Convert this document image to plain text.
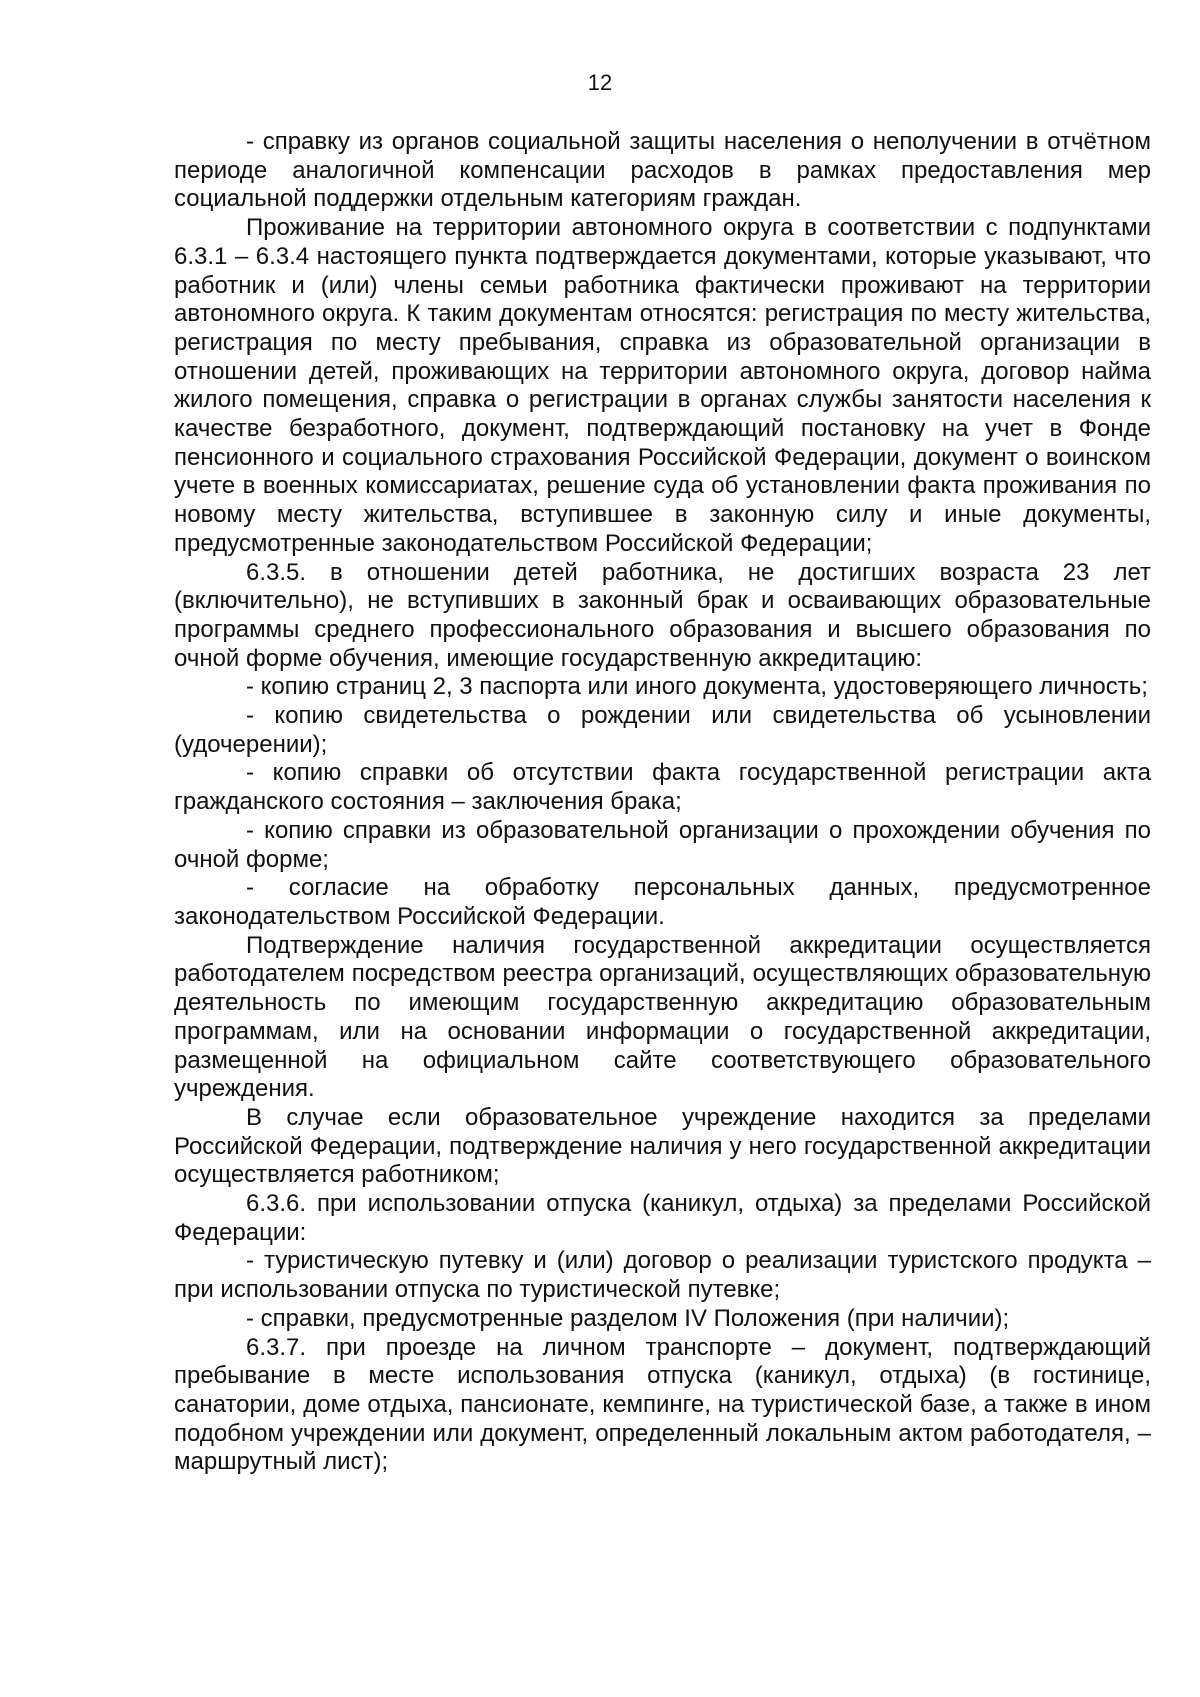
12

- справку из органов социальной защиты населения о неполучении в отчётном периоде аналогичной компенсации расходов в рамках предоставления мер социальной поддержки отдельным категориям граждан.

Проживание на территории автономного округа в соответствии с подпунктами 6.3.1 – 6.3.4 настоящего пункта подтверждается документами, которые указывают, что работник и (или) члены семьи работника фактически проживают на территории автономного округа. К таким документам относятся: регистрация по месту жительства, регистрация по месту пребывания, справка из образовательной организации в отношении детей, проживающих на территории автономного округа, договор найма жилого помещения, справка о регистрации в органах службы занятости населения к качестве безработного, документ, подтверждающий постановку на учет в Фонде пенсионного и социального страхования Российской Федерации, документ о воинском учете в военных комиссариатах, решение суда об установлении факта проживания по новому месту жительства, вступившее в законную силу и иные документы, предусмотренные законодательством Российской Федерации;

6.3.5. в отношении детей работника, не достигших возраста 23 лет (включительно), не вступивших в законный брак и осваивающих образовательные программы среднего профессионального образования и высшего образования по очной форме обучения, имеющие государственную аккредитацию:

- копию страниц 2, 3 паспорта или иного документа, удостоверяющего личность;

- копию свидетельства о рождении или свидетельства об усыновлении (удочерении);

- копию справки об отсутствии факта государственной регистрации акта гражданского состояния – заключения брака;

- копию справки из образовательной организации о прохождении обучения по очной форме;

- согласие на обработку персональных данных, предусмотренное законодательством Российской Федерации.

Подтверждение наличия государственной аккредитации осуществляется работодателем посредством реестра организаций, осуществляющих образовательную деятельность по имеющим государственную аккредитацию образовательным программам, или на основании информации о государственной аккредитации, размещенной на официальном сайте соответствующего образовательного учреждения.

В случае если образовательное учреждение находится за пределами Российской Федерации, подтверждение наличия у него государственной аккредитации осуществляется работником;

6.3.6. при использовании отпуска (каникул, отдыха) за пределами Российской Федерации:

- туристическую путевку и (или) договор о реализации туристского продукта – при использовании отпуска по туристической путевке;

- справки, предусмотренные разделом IV Положения (при наличии);

6.3.7. при проезде на личном транспорте – документ, подтверждающий пребывание в месте использования отпуска (каникул, отдыха) (в гостинице, санатории, доме отдыха, пансионате, кемпинге, на туристической базе, а также в ином подобном учреждении или документ, определенный локальным актом работодателя, – маршрутный лист);
